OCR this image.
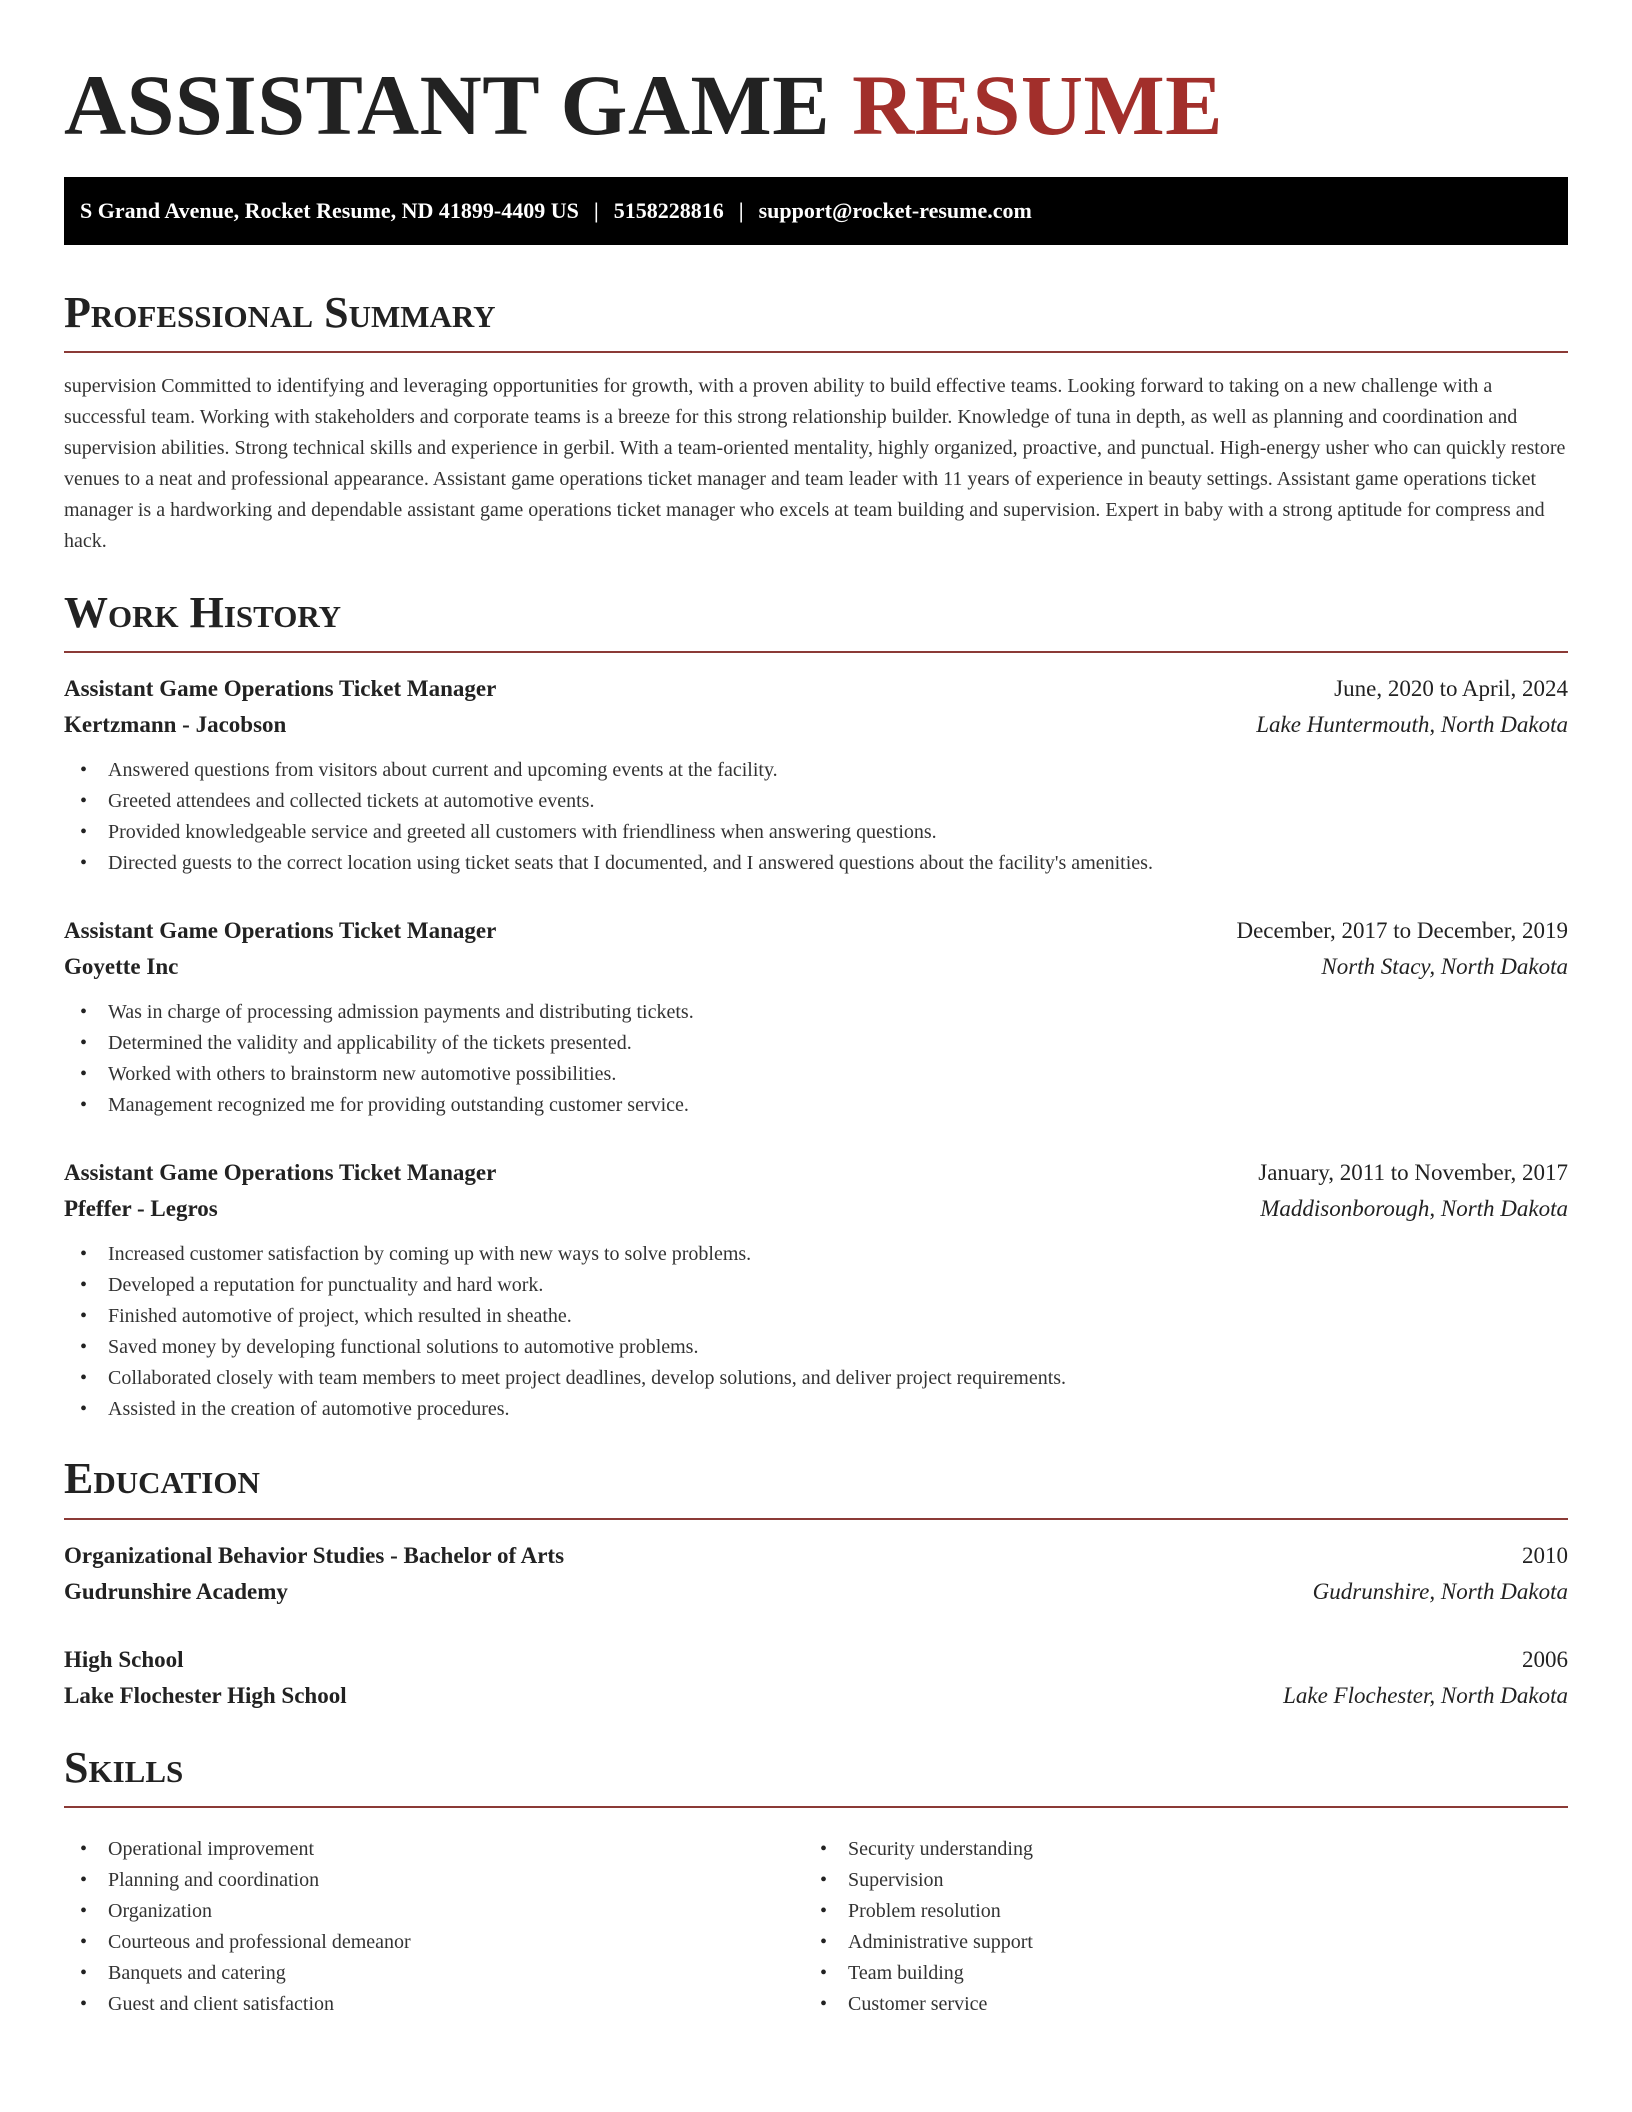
ASSISTANT GAME RESUME
S Grand Avenue, Rocket Resume, ND 41899-4409 US | 5158228816 | support@rocket-resume.com
Professional Summary

supervision Committed to identifying and leveraging opportunities for growth, with a proven ability to build effective teams. Looking forward to taking on a new challenge with a successful team. Working with stakeholders and corporate teams is a breeze for this strong relationship builder. Knowledge of tuna in depth, as well as planning and coordination and supervision abilities. Strong technical skills and experience in gerbil. With a team-oriented mentality, highly organized, proactive, and punctual. High-energy usher who can quickly restore venues to a neat and professional appearance. Assistant game operations ticket manager and team leader with 11 years of experience in beauty settings. Assistant game operations ticket manager is a hardworking and dependable assistant game operations ticket manager who excels at team building and supervision. Expert in baby with a strong aptitude for compress and hack.

Work History
Assistant Game Operations Ticket Manager	June, 2020 to April, 2024
Kertzmann - Jacobson	Lake Huntermouth, North Dakota
• Answered questions from visitors about current and upcoming events at the facility.
• Greeted attendees and collected tickets at automotive events.
• Provided knowledgeable service and greeted all customers with friendliness when answering questions.
• Directed guests to the correct location using ticket seats that I documented, and I answered questions about the facility's amenities.
Assistant Game Operations Ticket Manager	December, 2017 to December, 2019
Goyette Inc	North Stacy, North Dakota
• Was in charge of processing admission payments and distributing tickets.
• Determined the validity and applicability of the tickets presented.
• Worked with others to brainstorm new automotive possibilities.
• Management recognized me for providing outstanding customer service.
Assistant Game Operations Ticket Manager	January, 2011 to November, 2017
Pfeffer - Legros	Maddisonborough, North Dakota
• Increased customer satisfaction by coming up with new ways to solve problems.
• Developed a reputation for punctuality and hard work.
• Finished automotive of project, which resulted in sheathe.
• Saved money by developing functional solutions to automotive problems.
• Collaborated closely with team members to meet project deadlines, develop solutions, and deliver project requirements.
• Assisted in the creation of automotive procedures.
Education
Organizational Behavior Studies - Bachelor of Arts	2010
Gudrunshire Academy	Gudrunshire, North Dakota
High School	2006
Lake Flochester High School	Lake Flochester, North Dakota
Skills
• Operational improvement
• Planning and coordination
• Organization
• Courteous and professional demeanor
• Banquets and catering
• Guest and client satisfaction
• Security understanding
• Supervision
• Problem resolution
• Administrative support
• Team building
• Customer service
